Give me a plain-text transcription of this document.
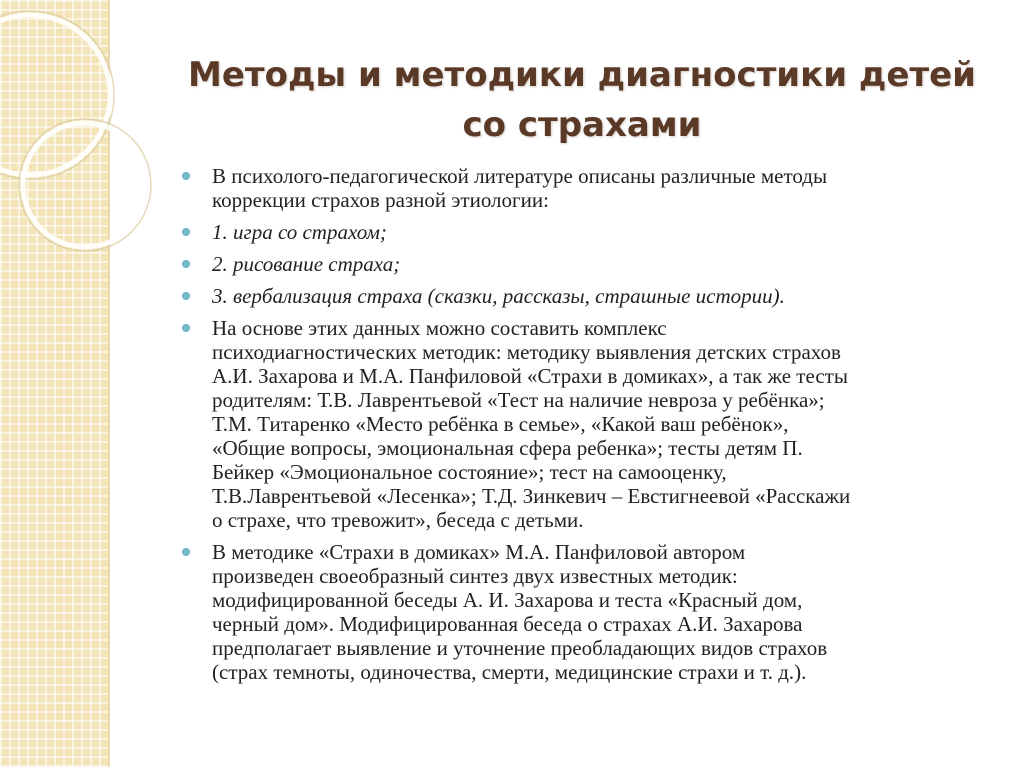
Методы и методики диагностики детей
со страхами
В психолого-педагогической литературе описаны различные методы
коррекции страхов разной этиологии:
1. игра со страхом;
2. рисование страха;
3. вербализация страха (сказки, рассказы, страшные истории).
На основе этих данных можно составить комплекс
психодиагностических методик: методику выявления детских страхов
А.И. Захарова и М.А. Панфиловой «Страхи в домиках», а так же тесты
родителям: Т.В. Лаврентьевой «Тест на наличие невроза у ребёнка»;
Т.М. Титаренко «Место ребёнка в семье», «Какой ваш ребёнок»,
«Общие вопросы, эмоциональная сфера ребенка»; тесты детям П.
Бейкер «Эмоциональное состояние»; тест на самооценку,
Т.В.Лаврентьевой «Лесенка»; Т.Д. Зинкевич – Евстигнеевой «Расскажи
о страхе, что тревожит», беседа с детьми.
В методике «Страхи в домиках» М.А. Панфиловой автором
произведен своеобразный синтез двух известных методик:
модифицированной беседы А. И. Захарова и теста «Красный дом,
черный дом». Модифицированная беседа о страхах А.И. Захарова
предполагает выявление и уточнение преобладающих видов страхов
(страх темноты, одиночества, смерти, медицинские страхи и т. д.).
